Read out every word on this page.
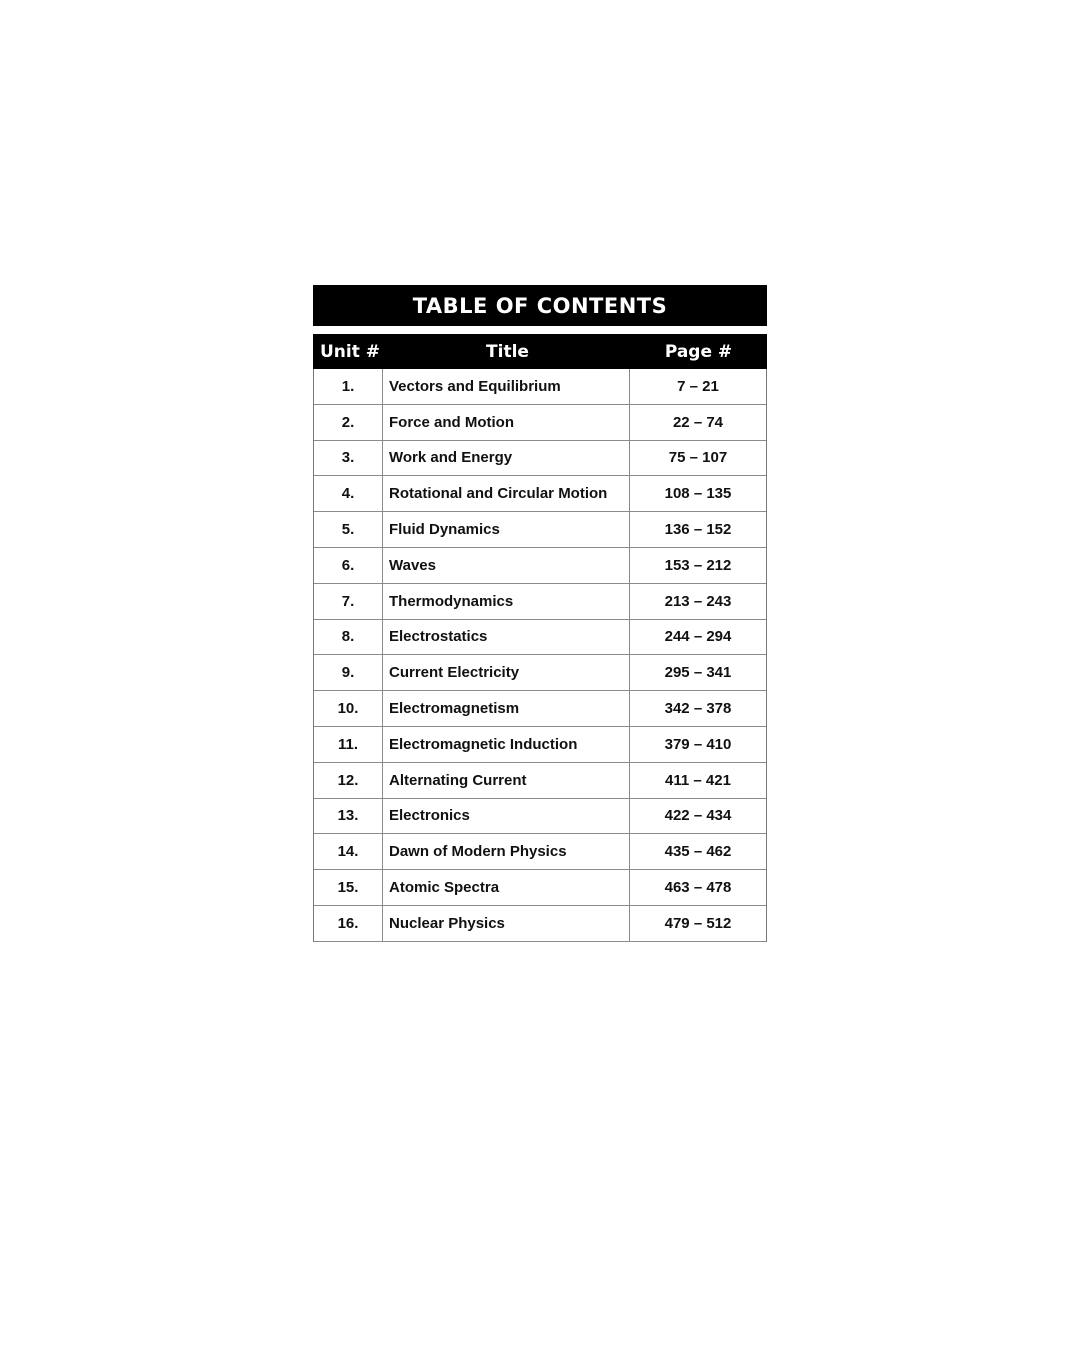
TABLE OF CONTENTS
Unit #	Title	Page #
1.	Vectors and Equilibrium	7 – 21
2.	Force and Motion	22 – 74
3.	Work and Energy	75 – 107
4.	Rotational and Circular Motion	108 – 135
5.	Fluid Dynamics	136 – 152
6.	Waves	153 – 212
7.	Thermodynamics	213 – 243
8.	Electrostatics	244 – 294
9.	Current Electricity	295 – 341
10.	Electromagnetism	342 – 378
11.	Electromagnetic Induction	379 – 410
12.	Alternating Current	411 – 421
13.	Electronics	422 – 434
14.	Dawn of Modern Physics	435 – 462
15.	Atomic Spectra	463 – 478
16.	Nuclear Physics	479 – 512
